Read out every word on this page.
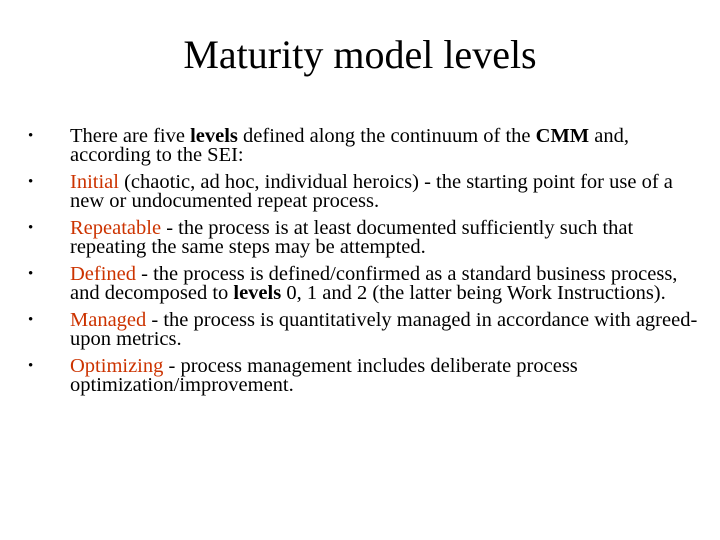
Maturity model levels
• There are five levels defined along the continuum of the CMM and, according to the SEI:
• Initial (chaotic, ad hoc, individual heroics) - the starting point for use of a new or undocumented repeat process.
• Repeatable - the process is at least documented sufficiently such that repeating the same steps may be attempted.
• Defined - the process is defined/confirmed as a standard business process, and decomposed to levels 0, 1 and 2 (the latter being Work Instructions).
• Managed - the process is quantitatively managed in accordance with agreed-upon metrics.
• Optimizing - process management includes deliberate process optimization/improvement.
